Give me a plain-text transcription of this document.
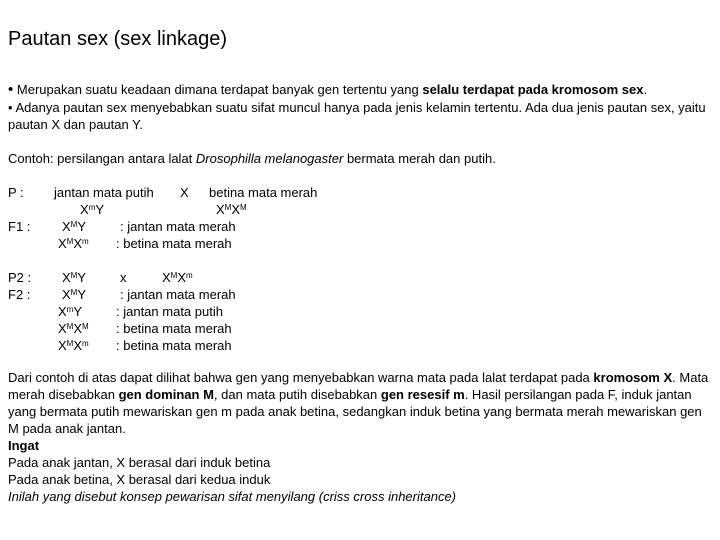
Pautan sex (sex linkage)

• Merupakan suatu keadaan dimana terdapat banyak gen tertentu yang selalu terdapat pada kromosom sex.

• Adanya pautan sex menyebabkan suatu sifat muncul hanya pada jenis kelamin tertentu. Ada dua jenis pautan sex, yaitu pautan X dan pautan Y.

Contoh: persilangan antara lalat Drosophilla melanogaster bermata merah dan putih.

P : jantan mata putih X betina mata merah
$X^mY$	$X^MX^M$
F1 : $X^MY$	: jantan mata merah
$X^MX^m$ : betina mata merah
P2 : $X^MY$	x	$X^MX^m$
F2 : $X^MY$	: jantan mata merah
$X^mY$	: jantan mata putih
$X^MX^M$ : betina mata merah
$X^MX^m$ : betina mata merah

Dari contoh di atas dapat dilihat bahwa gen yang menyebabkan warna mata pada lalat terdapat pada kromosom X. Mata merah disebabkan gen dominan M, dan mata putih disebabkan gen resesif m. Hasil persilangan pada F, induk jantan yang bermata putih mewariskan gen m pada anak betina, sedangkan induk betina yang bermata merah mewariskan gen M pada anak jantan.

Ingat

Pada anak jantan, X berasal dari induk betina

Pada anak betina, X berasal dari kedua induk

Inilah yang disebut konsep pewarisan sifat menyilang (criss cross inheritance)
